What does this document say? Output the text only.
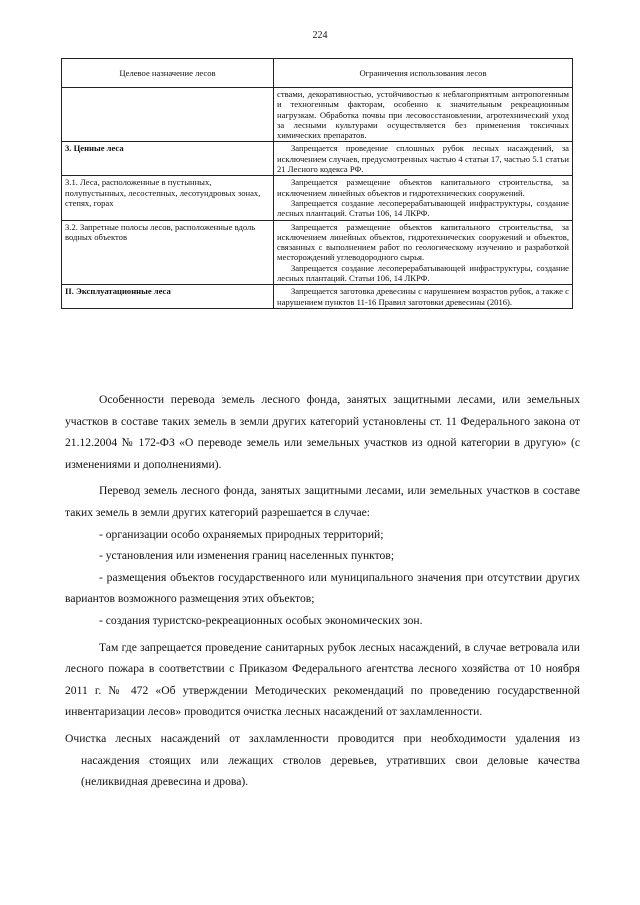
224
Целевое назначение лесов	Ограничения использования лесов

	ствами, декоративностью, устойчивостью к неблагоприятным антропогенным и техногенным факторам, особенно к значительным рекреационным нагрузкам. Обработка почвы при лесовосстановлении, агротехнический уход за лесными культурами осуществляется без применения токсичных химических препаратов.

3. Ценные леса	Запрещается проведение сплошных рубок лесных насаждений, за исключением случаев, предусмотренных частью 4 статьи 17, частью 5.1 статьи 21 Лесного кодекса РФ.

3.1. Леса, расположенные в пустынных, полупустынных, лесостепных, лесотундровых зонах, степях, горах	Запрещается размещение объектов капитального строительства, за исключением линейных объектов и гидротехнических сооружений.

Запрещается создание лесоперерабатывающей инфраструктуры, создание лесных плантаций. Статьи 106, 14 ЛКРФ.

3.2. Запретные полосы лесов, расположенные вдоль водных объектов	Запрещается размещение объектов капитального строительства, за исключением линейных объектов, гидротехнических сооружений и объектов, связанных с выполнением работ по геологическому изучению и разработкой месторождений углеводородного сырья.

Запрещается создание лесоперерабатывающей инфраструктуры, создание лесных плантаций. Статьи 106, 14 ЛКРФ.

II. Эксплуатационные леса	Запрещается заготовка древесины с нарушением возрастов рубок, а также с нарушением пунктов 11-16 Правил заготовки древесины (2016).

Особенности перевода земель лесного фонда, занятых защитными лесами, или земельных участков в составе таких земель в земли других категорий установлены ст. 11 Федерального закона от 21.12.2004 № 172-ФЗ «О переводе земель или земельных участков из одной категории в другую» (с изменениями и дополнениями).

Перевод земель лесного фонда, занятых защитными лесами, или земельных участков в составе таких земель в земли других категорий разрешается в случае:

- организации особо охраняемых природных территорий;

- установления или изменения границ населенных пунктов;

- размещения объектов государственного или муниципального значения при отсутствии других вариантов возможного размещения этих объектов;

- создания туристско-рекреационных особых экономических зон.

Там где запрещается проведение санитарных рубок лесных насаждений, в случае ветровала или лесного пожара в соответствии с Приказом Федерального агентства лесного хозяйства от 10 ноября 2011 г. № 472 «Об утверждении Методических рекомендаций по проведению государственной инвентаризации лесов» проводится очистка лесных насаждений от захламленности.

Очистка лесных насаждений от захламленности проводится при необходимости удаления из насаждения стоящих или лежащих стволов деревьев, утративших свои деловые качества (неликвидная древесина и дрова).
